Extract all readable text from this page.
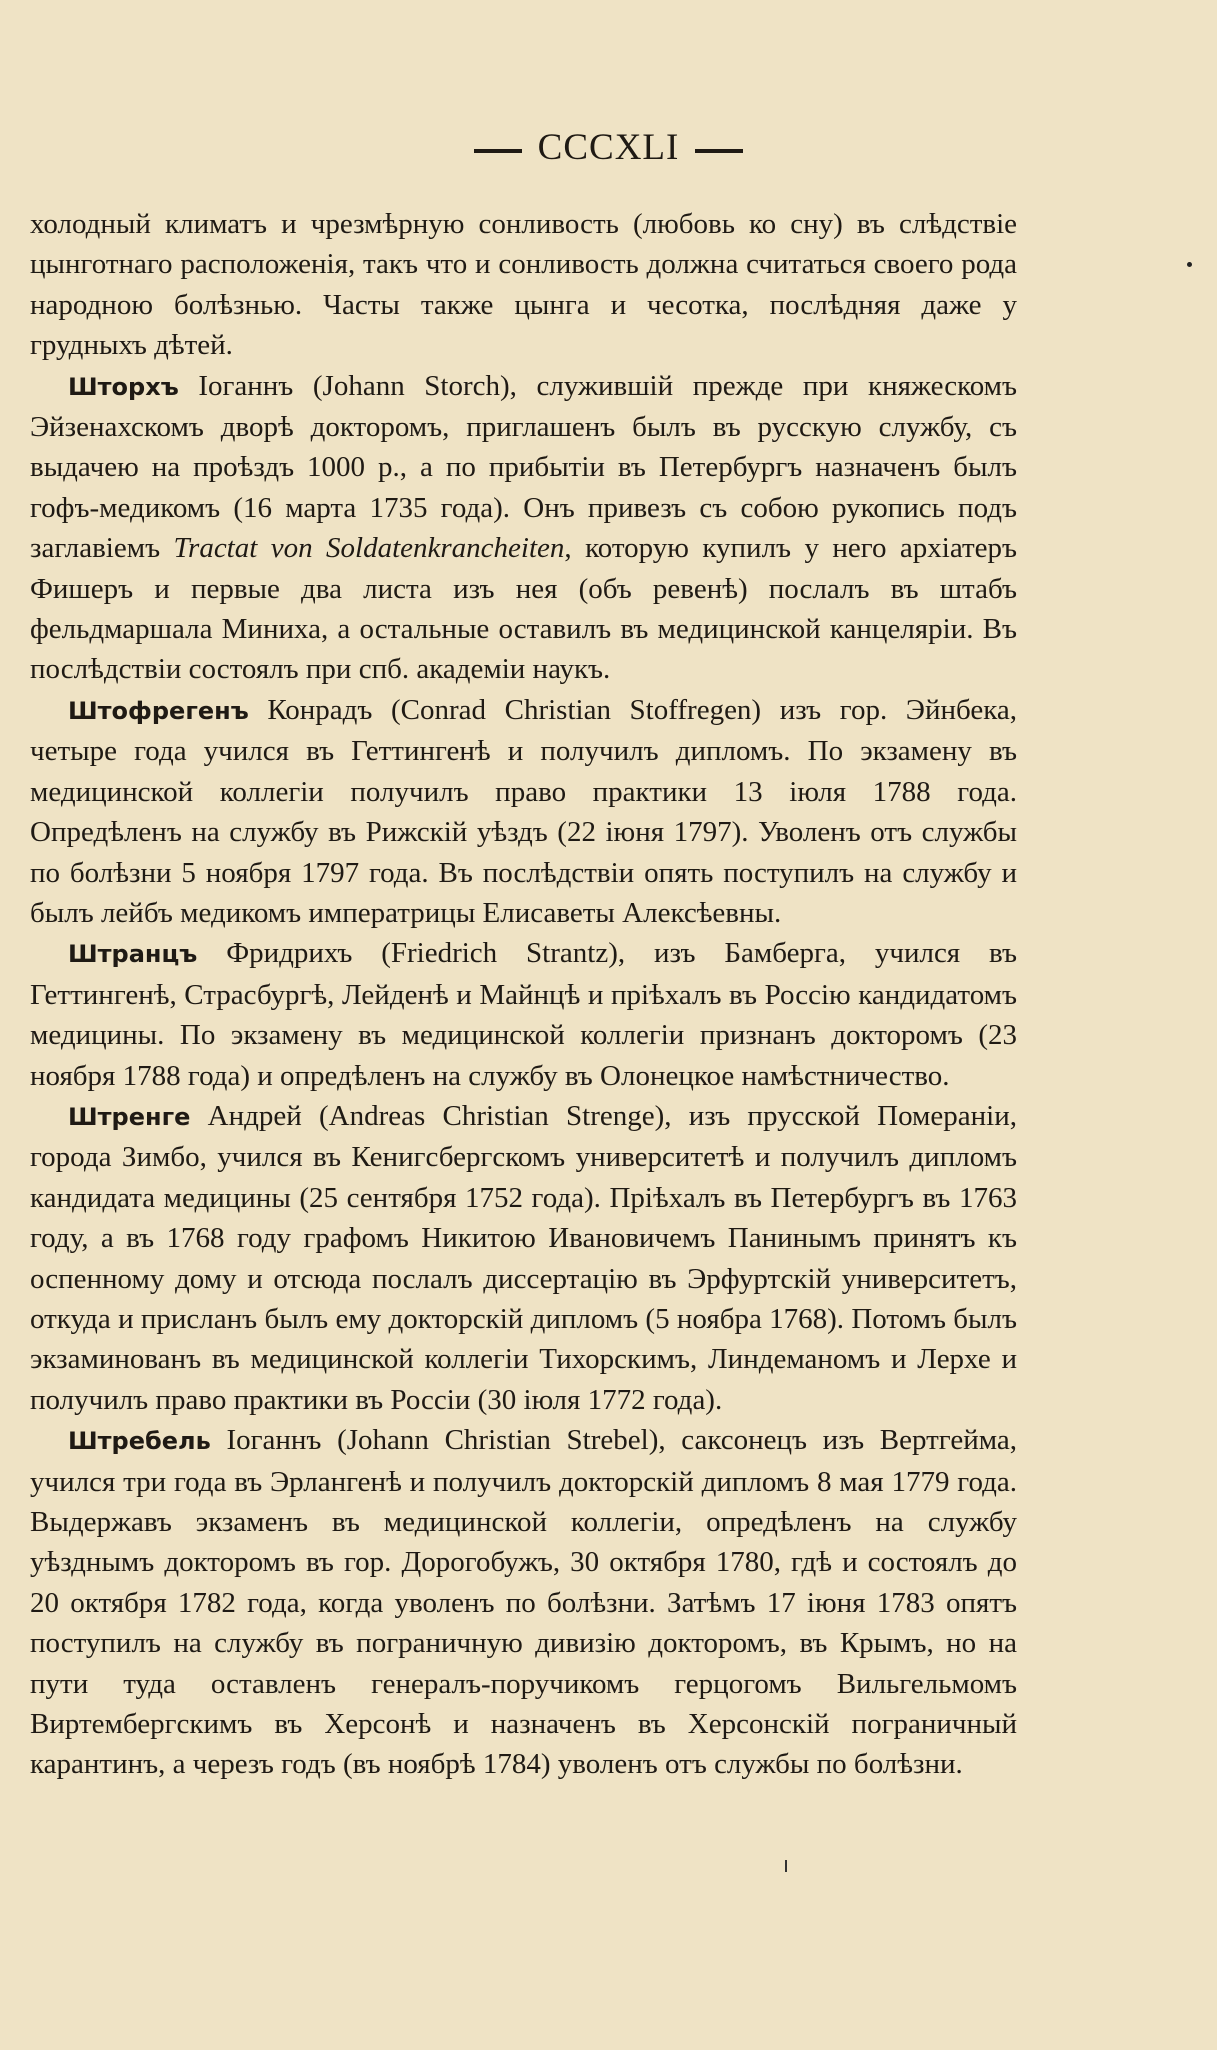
СССXLI

холодный климатъ и чрезмѣрную сонливость (любовь ко сну) въ слѣдствіе цынготнаго расположенія, такъ что и сонливость должна считаться своего рода народною болѣзнью. Часты также цынга и чесотка, послѣдняя даже у грудныхъ дѣтей.

Шторхъ Іоганнъ (Johann Storch), служившій прежде при княжескомъ Эйзенахскомъ дворѣ докторомъ, приглашенъ былъ въ русскую службу, съ выдачею на проѣздъ 1000 р., а по прибытіи въ Петербургъ назначенъ былъ гофъ-медикомъ (16 марта 1735 года). Онъ привезъ съ собою рукопись подъ заглавіемъ Tractat von Soldatenkrancheiten, которую купилъ у него архіатеръ Фишеръ и первые два листа изъ нея (объ ревенѣ) послалъ въ штабъ фельдмаршала Миниха, а остальные оставилъ въ медицинской канцеляріи. Въ послѣдствіи состоялъ при спб. академіи наукъ.

Штофрегенъ Конрадъ (Conrad Christian Stoffregen) изъ гор. Эйнбека, четыре года учился въ Геттингенѣ и получилъ дипломъ. По экзамену въ медицинской коллегіи получилъ право практики 13 іюля 1788 года. Опредѣленъ на службу въ Рижскій уѣздъ (22 іюня 1797). Уволенъ отъ службы по болѣзни 5 ноября 1797 года. Въ послѣдствіи опять поступилъ на службу и былъ лейбъ медикомъ императрицы Елисаветы Алексѣевны.

Штранцъ Фридрихъ (Friedrich Strantz), изъ Бамберга, учился въ Геттингенѣ, Страсбургѣ, Лейденѣ и Майнцѣ и пріѣхалъ въ Россію кандидатомъ медицины. По экзамену въ медицинской коллегіи признанъ докторомъ (23 ноября 1788 года) и опредѣленъ на службу въ Олонецкое намѣстничество.

Штренге Андрей (Andreas Christian Strenge), изъ прусской Помераніи, города Зимбо, учился въ Кенигсбергскомъ университетѣ и получилъ дипломъ кандидата медицины (25 сентября 1752 года). Пріѣхалъ въ Петербургъ въ 1763 году, а въ 1768 году графомъ Никитою Ивановичемъ Панинымъ принятъ къ оспенному дому и отсюда послалъ диссертацію въ Эрфуртскій университетъ, откуда и присланъ былъ ему докторскій дипломъ (5 ноябра 1768). Потомъ былъ экзаминованъ въ медицинской коллегіи Тихорскимъ, Линдеманомъ и Лерхе и получилъ право практики въ Россіи (30 іюля 1772 года).

Штребель Іоганнъ (Johann Christian Strebel), саксонецъ изъ Вертгейма, учился три года въ Эрлангенѣ и получилъ докторскій дипломъ 8 мая 1779 года. Выдержавъ экзаменъ въ медицинской коллегіи, опредѣленъ на службу уѣзднымъ докторомъ въ гор. Дорогобужъ, 30 октября 1780, гдѣ и состоялъ до 20 октября 1782 года, когда уволенъ по болѣзни. Затѣмъ 17 іюня 1783 опятъ поступилъ на службу въ пограничную дивизію докторомъ, въ Крымъ, но на пути туда оставленъ генералъ-поручикомъ герцогомъ Вильгельмомъ Виртембергскимъ въ Херсонѣ и назначенъ въ Херсонскій пограничный карантинъ, а черезъ годъ (въ ноябрѣ 1784) уволенъ отъ службы по болѣзни.
